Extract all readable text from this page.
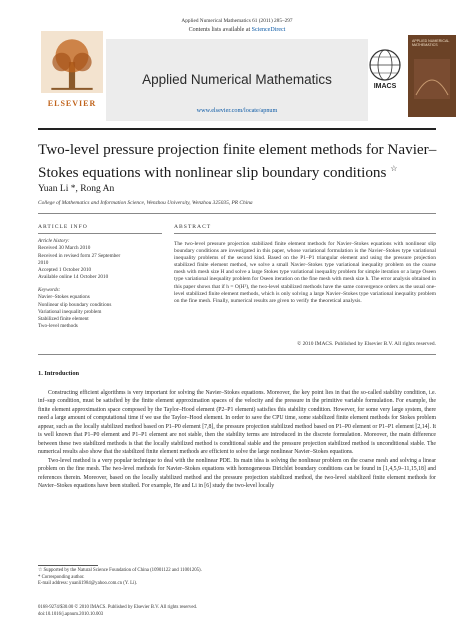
Applied Numerical Mathematics 61 (2011) 285–297
ELSEVIER
Contents lists available at ScienceDirect
Applied Numerical Mathematics
www.elsevier.com/locate/apnum
IMACS
APPLIED NUMERICAL MATHEMATICS
Two-level pressure projection finite element methods for Navier–Stokes equations with nonlinear slip boundary conditions ☆
Yuan Li *, Rong An
College of Mathematics and Information Science, Wenzhou University, Wenzhou 325035, PR China
ARTICLE INFO	ABSTRACT
Article history:
Received 30 March 2010
Received in revised form 27 September
2010
Accepted 1 October 2010
Available online 14 October 2010
Keywords:
Navier–Stokes equations
Nonlinear slip boundary conditions
Variational inequality problem
Stabilized finite element
Two-level methods
The two-level pressure projection stabilized finite element methods for Navier–Stokes equations with nonlinear slip boundary conditions are investigated in this paper, whose variational formulation is the Navier–Stokes type variational inequality problems of the second kind. Based on the P1–P1 triangular element and using the pressure projection stabilized finite element method, we solve a small Navier–Stokes type variational inequality problem on the coarse mesh with mesh size H and solve a large Stokes type variational inequality problem for simple iteration or a large Oseen type variational inequality problem for Oseen iteration on the fine mesh with mesh size h. The error analysis obtained in this paper shows that if h = O(H²), the two-level stabilized methods have the same convergence orders as the usual one-level stabilized finite element methods, which is only solving a large Navier–Stokes type variational inequality problem on the fine mesh. Finally, numerical results are given to verify the theoretical analysis.
© 2010 IMACS. Published by Elsevier B.V. All rights reserved.
1. Introduction

Constructing efficient algorithms is very important for solving the Navier–Stokes equations. Moreover, the key point lies in that the so-called stability condition, i.e. inf–sup condition, must be satisfied by the finite element approximation spaces of the velocity and the pressure in the primitive variable formulation. For example, the finite element approximation space composed by the Taylor–Hood element (P2–P1 element) satisfies this stability condition. However, for some very large system, there need a large amount of computational time if we use the Taylor–Hood element. In order to save the CPU time, some stabilized finite element methods for Stokes problem appear, such as the locally stabilized method based on P1–P0 element [7,8], the pressure projection stabilized method based on P1–P0 element or P1–P1 element [2,14]. It is well known that P1–P0 element and P1–P1 element are not stable, then the stability terms are introduced in the discrete formulation. Moreover, the main difference between these two stabilized methods is that the locally stabilized method is conditional stable and the pressure projection stabilized method is unconditional stable. The numerical results also show that the stabilized finite element methods are efficient to solve the large nonlinear Navier–Stokes equations.

Two-level method is a very popular technique to deal with the nonlinear PDE. Its main idea is solving the nonlinear problem on the coarse mesh and solving a linear problem on the fine mesh. The two-level methods for Navier–Stokes equations with homogeneous Dirichlet boundary conditions can be found in [1,4,5,9–11,15,18] and references therein. Moreover, based on the locally stabilized method and the pressure projection stabilized method, the two-level stabilized finite element methods for Navier–Stokes equations have been studied. For example, He and Li in [6] study the two-level locally

☆ Supported by the Natural Science Foundation of China (10901122 and 11001205).
* Corresponding author.
E-mail address: yuanli1984@yahoo.com.cn (Y. Li).
0168-9274/$30.00 © 2010 IMACS. Published by Elsevier B.V. All rights reserved.
doi:10.1016/j.apnum.2010.10.003
